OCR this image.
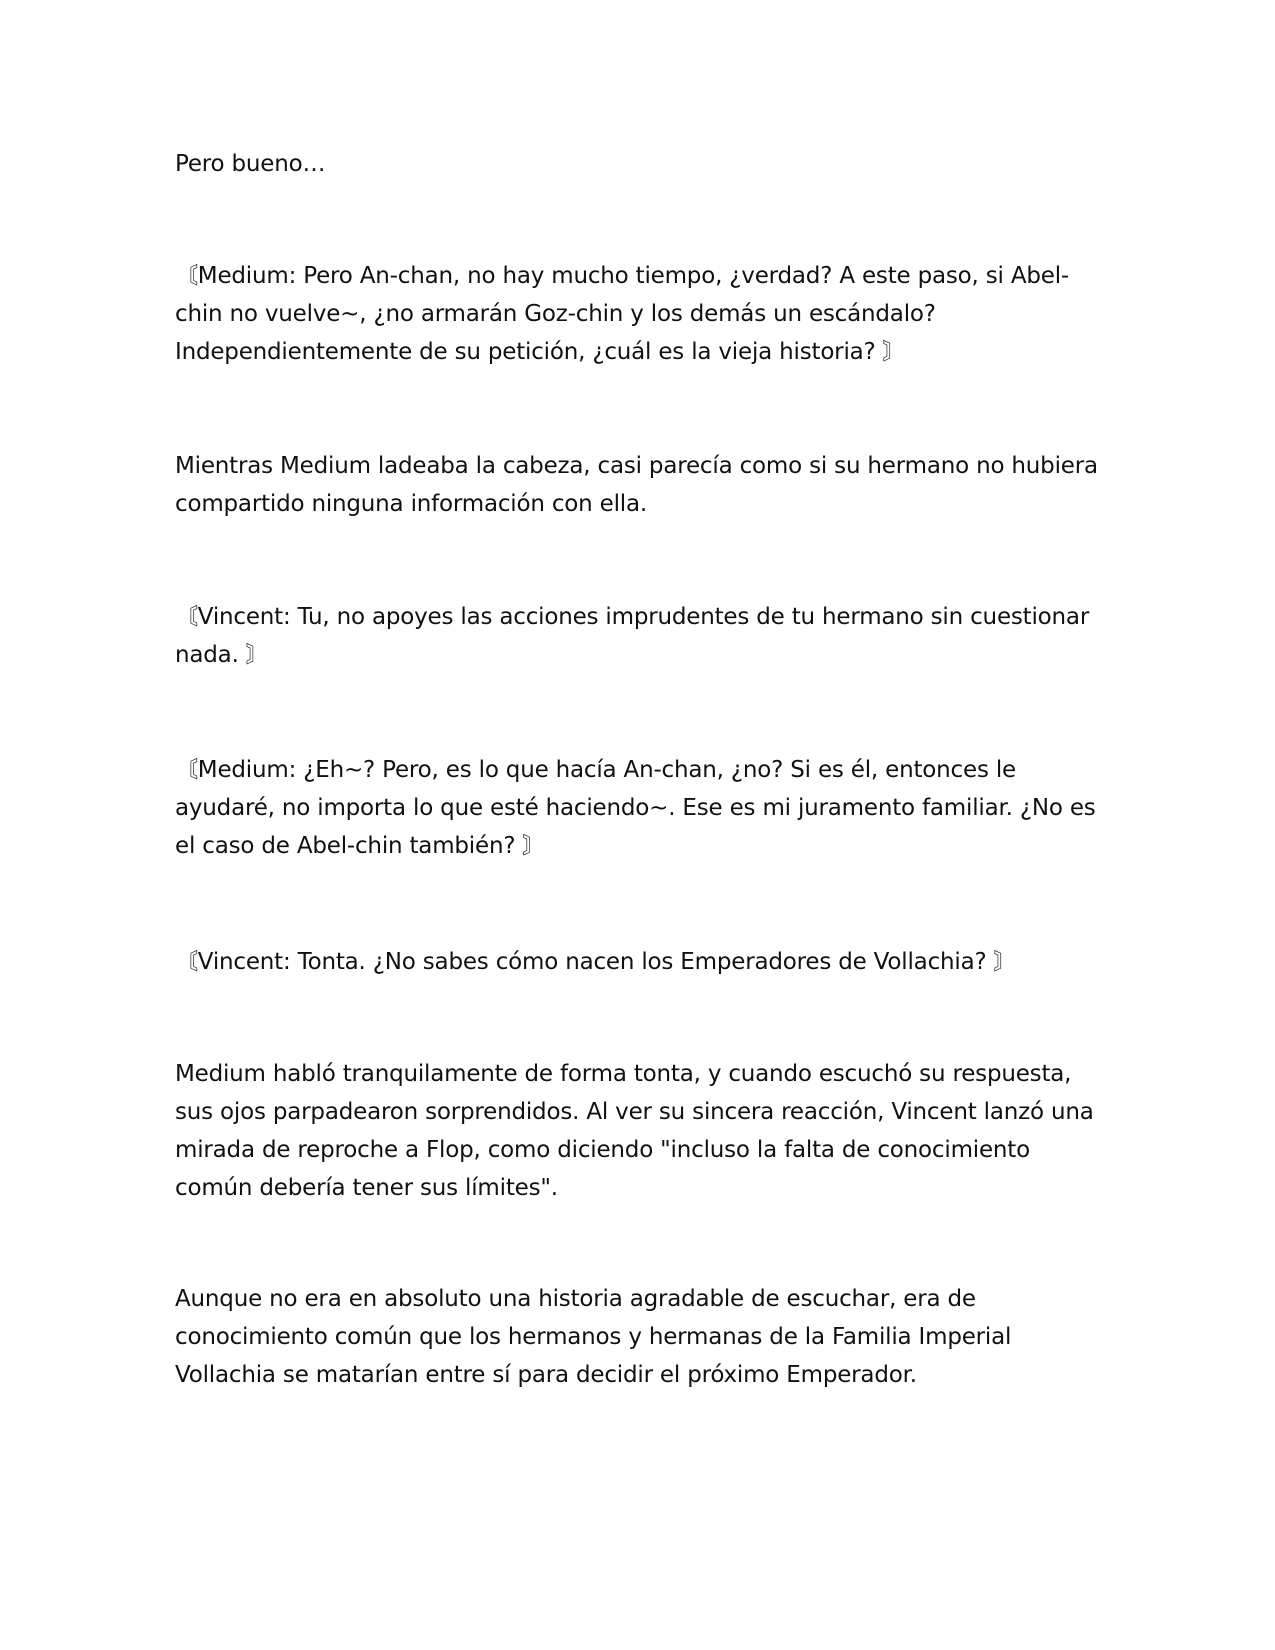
Pero bueno…

〘Medium: Pero An-chan, no hay mucho tiempo, ¿verdad? A este paso, si Abel-chin no vuelve~, ¿no armarán Goz-chin y los demás un escándalo? Independientemente de su petición, ¿cuál es la vieja historia? 〙

Mientras Medium ladeaba la cabeza, casi parecía como si su hermano no hubiera compartido ninguna información con ella.

〘Vincent: Tu, no apoyes las acciones imprudentes de tu hermano sin cuestionar nada. 〙

〘Medium: ¿Eh~? Pero, es lo que hacía An-chan, ¿no? Si es él, entonces le ayudaré, no importa lo que esté haciendo~. Ese es mi juramento familiar. ¿No es el caso de Abel-chin también? 〙

〘Vincent: Tonta. ¿No sabes cómo nacen los Emperadores de Vollachia? 〙

Medium habló tranquilamente de forma tonta, y cuando escuchó su respuesta, sus ojos parpadearon sorprendidos. Al ver su sincera reacción, Vincent lanzó una mirada de reproche a Flop, como diciendo "incluso la falta de conocimiento común debería tener sus límites".

Aunque no era en absoluto una historia agradable de escuchar, era de conocimiento común que los hermanos y hermanas de la Familia Imperial Vollachia se matarían entre sí para decidir el próximo Emperador.
